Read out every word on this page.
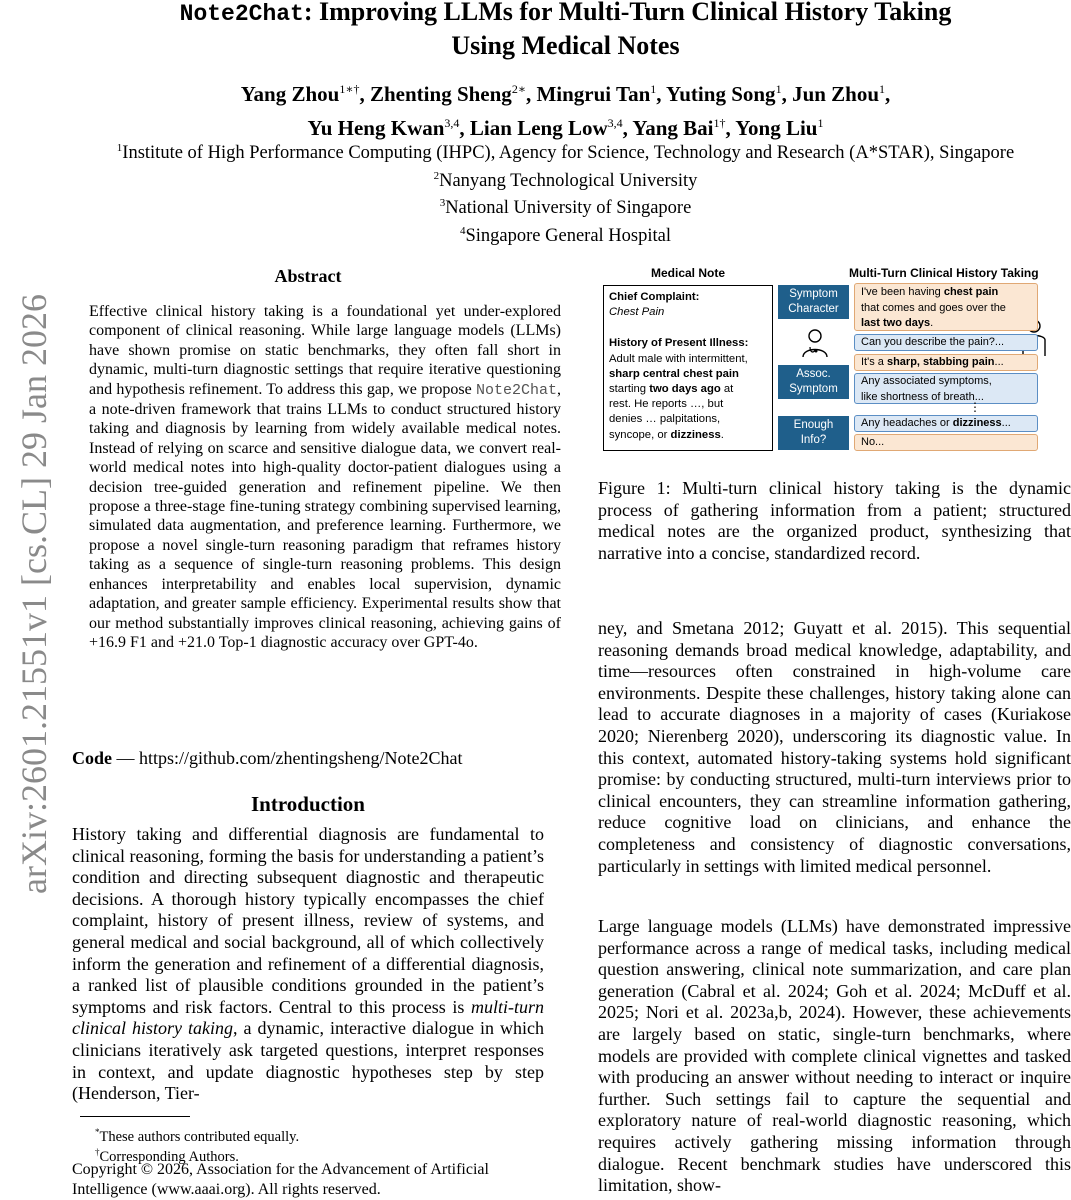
Note2Chat: Improving LLMs for Multi-Turn Clinical History Taking
Using Medical Notes
Yang Zhou$^{1∗\dagger}$, Zhenting Sheng$^{2∗}$, Mingrui Tan$^1$, Yuting Song$^1$, Jun Zhou$^1$,
Yu Heng Kwan$^{3,4}$, Lian Leng Low$^{3,4}$, Yang Bai$^{1\dagger}$, Yong Liu$^1$
$^1$Institute of High Performance Computing (IHPC), Agency for Science, Technology and Research (A*STAR), Singapore
$^2$Nanyang Technological University
$^3$National University of Singapore
$^4$Singapore General Hospital
arXiv:2601.21551v1 [cs.CL] 29 Jan 2026
Abstract
Effective clinical history taking is a foundational yet under-explored component of clinical reasoning. While large language models (LLMs) have shown promise on static benchmarks, they often fall short in dynamic, multi-turn diagnostic settings that require iterative questioning and hypothesis refinement. To address this gap, we propose Note2Chat, a note-driven framework that trains LLMs to conduct structured history taking and diagnosis by learning from widely available medical notes. Instead of relying on scarce and sensitive dialogue data, we convert real-world medical notes into high-quality doctor-patient dialogues using a decision tree-guided generation and refinement pipeline. We then propose a three-stage fine-tuning strategy combining supervised learning, simulated data augmentation, and preference learning. Furthermore, we propose a novel single-turn reasoning paradigm that reframes history taking as a sequence of single-turn reasoning problems. This design enhances interpretability and enables local supervision, dynamic adaptation, and greater sample efficiency. Experimental results show that our method substantially improves clinical reasoning, achieving gains of +16.9 F1 and +21.0 Top-1 diagnostic accuracy over GPT-4o.
Code — https://github.com/zhentingsheng/Note2Chat
Introduction
History taking and differential diagnosis are fundamental to clinical reasoning, forming the basis for understanding a patient’s condition and directing subsequent diagnostic and therapeutic decisions. A thorough history typically encompasses the chief complaint, history of present illness, review of systems, and general medical and social background, all of which collectively inform the generation and refinement of a differential diagnosis, a ranked list of plausible conditions grounded in the patient’s symptoms and risk factors. Central to this process is multi-turn clinical history taking, a dynamic, interactive dialogue in which clinicians iteratively ask targeted questions, interpret responses in context, and update diagnostic hypotheses step by step (Henderson, Tier-
*These authors contributed equally.
†Corresponding Authors.
Copyright © 2026, Association for the Advancement of Artificial Intelligence (www.aaai.org). All rights reserved.
Medical Note	Multi-Turn Clinical History Taking
Chief Complaint:
Chest Pain
History of Present Illness:
Adult male with intermittent,
sharp central chest pain
starting two days ago at
rest. He reports …, but
denies … palpitations,
syncope, or dizziness.
Symptom
Character
Assoc.
Symptom
Enough
Info?
I've been having chest pain
that comes and goes over the
last two days.
Can you describe the pain?...
It's a sharp, stabbing pain...
Any associated symptoms,
like shortness of breath...
⋮
Any headaches or dizziness...
No...
Figure 1: Multi-turn clinical history taking is the dynamic process of gathering information from a patient; structured medical notes are the organized product, synthesizing that narrative into a concise, standardized record.
ney, and Smetana 2012; Guyatt et al. 2015). This sequential reasoning demands broad medical knowledge, adaptability, and time—resources often constrained in high-volume care environments. Despite these challenges, history taking alone can lead to accurate diagnoses in a majority of cases (Kuriakose 2020; Nierenberg 2020), underscoring its diagnostic value. In this context, automated history-taking systems hold significant promise: by conducting structured, multi-turn interviews prior to clinical encounters, they can streamline information gathering, reduce cognitive load on clinicians, and enhance the completeness and consistency of diagnostic conversations, particularly in settings with limited medical personnel.
Large language models (LLMs) have demonstrated impressive performance across a range of medical tasks, including medical question answering, clinical note summarization, and care plan generation (Cabral et al. 2024; Goh et al. 2024; McDuff et al. 2025; Nori et al. 2023a,b, 2024). However, these achievements are largely based on static, single-turn benchmarks, where models are provided with complete clinical vignettes and tasked with producing an answer without needing to interact or inquire further. Such settings fail to capture the sequential and exploratory nature of real-world diagnostic reasoning, which requires actively gathering missing information through dialogue. Recent benchmark studies have underscored this limitation, show-
